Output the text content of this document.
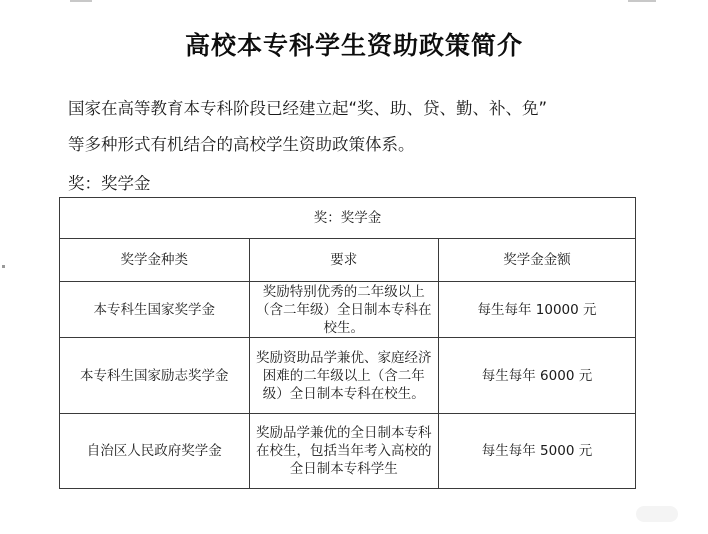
高校本专科学生资助政策简介
国家在高等教育本专科阶段已经建立起“奖、助、贷、勤、补、免”
等多种形式有机结合的高校学生资助政策体系。
奖：奖学金
奖：奖学金		
奖学金种类	要求	奖学金金额
本专科生国家奖学金	奖励特别优秀的二年级以上（含二年级）全日制本专科在校生。	每生每年 10000 元
本专科生国家励志奖学金	奖励资助品学兼优、家庭经济困难的二年级以上（含二年级）全日制本专科在校生。	每生每年 6000 元
自治区人民政府奖学金	奖励品学兼优的全日制本专科在校生，包括当年考入高校的全日制本专科学生	每生每年 5000 元
